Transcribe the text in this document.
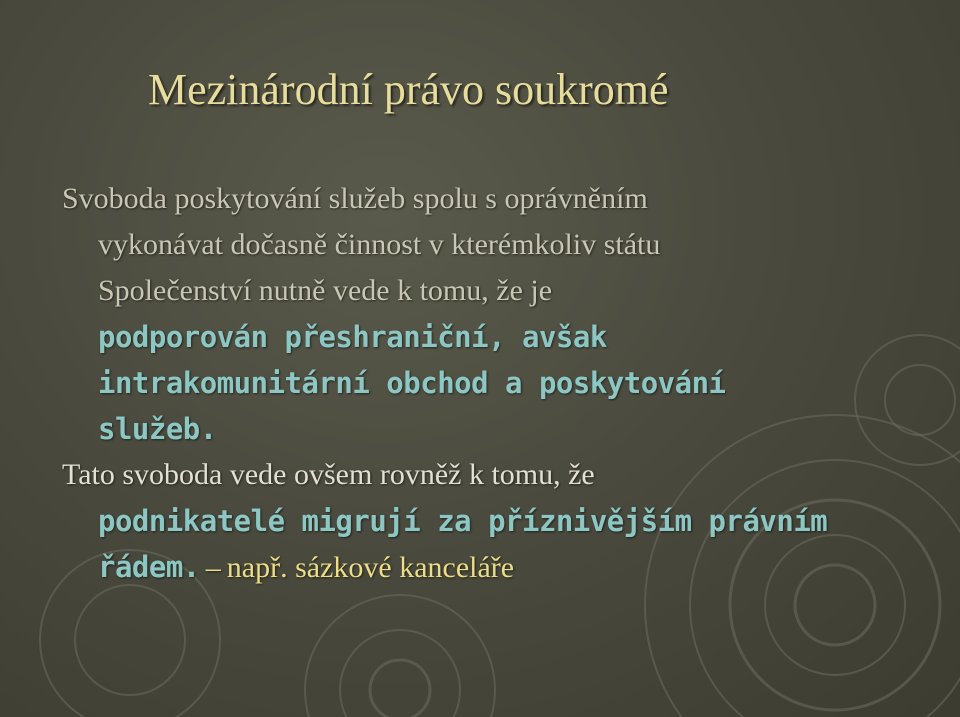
Mezinárodní právo soukromé
Svoboda poskytování služeb spolu s oprávněním
vykonávat dočasně činnost v kterémkoliv státu
Společenství nutně vede k tomu, že je
podporován přeshraniční, avšak
intrakomunitární obchod a poskytování
služeb.
Tato svoboda vede ovšem rovněž k tomu, že
podnikatelé migrují za příznivějším právním
řádem. – např. sázkové kanceláře
